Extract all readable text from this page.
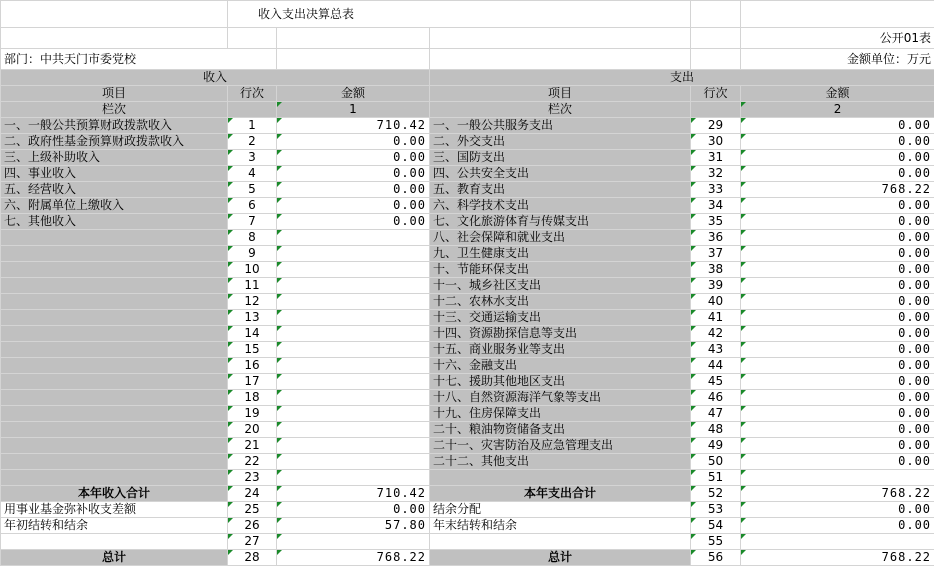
	收入支出决算总表				
					公开01表
部门：中共天门市委党校					金额单位：万元
收入			支出		
项目	行次	金额	项目	行次	金额
栏次		1	栏次		2
一、一般公共预算财政拨款收入	1	710.42	一、一般公共服务支出	29	0.00
二、政府性基金预算财政拨款收入	2	0.00	二、外交支出	30	0.00
三、上级补助收入	3	0.00	三、国防支出	31	0.00
四、事业收入	4	0.00	四、公共安全支出	32	0.00
五、经营收入	5	0.00	五、教育支出	33	768.22
六、附属单位上缴收入	6	0.00	六、科学技术支出	34	0.00
七、其他收入	7	0.00	七、文化旅游体育与传媒支出	35	0.00
	8		八、社会保障和就业支出	36	0.00
	9		九、卫生健康支出	37	0.00
	10		十、节能环保支出	38	0.00
	11		十一、城乡社区支出	39	0.00
	12		十二、农林水支出	40	0.00
	13		十三、交通运输支出	41	0.00
	14		十四、资源勘探信息等支出	42	0.00
	15		十五、商业服务业等支出	43	0.00
	16		十六、金融支出	44	0.00
	17		十七、援助其他地区支出	45	0.00
	18		十八、自然资源海洋气象等支出	46	0.00
	19		十九、住房保障支出	47	0.00
	20		二十、粮油物资储备支出	48	0.00
	21		二十一、灾害防治及应急管理支出	49	0.00
	22		二十二、其他支出	50	0.00
	23			51	
本年收入合计	24	710.42	本年支出合计	52	768.22
用事业基金弥补收支差额	25	0.00	结余分配	53	0.00
年初结转和结余	26	57.80	年末结转和结余	54	0.00
	27			55	
总计	28	768.22	总计	56	768.22
